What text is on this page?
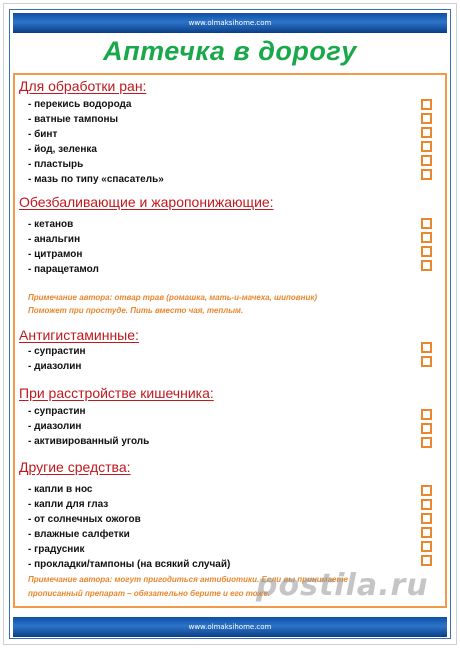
www.olmaksihome.com
Аптечка в дорогу
Для обработки ран:
- перекись водорода
- ватные тампоны
- бинт
- йод, зеленка
- пластырь
- мазь по типу «спасатель»
Обезбаливающие и жаропонижающие:
- кетанов
- анальгин
- цитрамон
- парацетамол
Примечание автора: отвар трав (ромашка, мать-и-мачеха, шиповник)
Поможет при простуде. Пить вместо чая, теплым.
Антигистаминные:
- супрастин
- диазолин
При расстройстве кишечника:
- супрастин
- диазолин
- активированный уголь
Другие средства:
- капли в нос
- капли для глаз
- от солнечных ожогов
- влажные салфетки
- градусник
- прокладки/тампоны (на всякий случай)
Примечание автора: могут пригодиться антибиотики. Если вы принимаете
прописанный препарат – обязательно берите и его тоже.
postila.ru
www.olmaksihome.com
